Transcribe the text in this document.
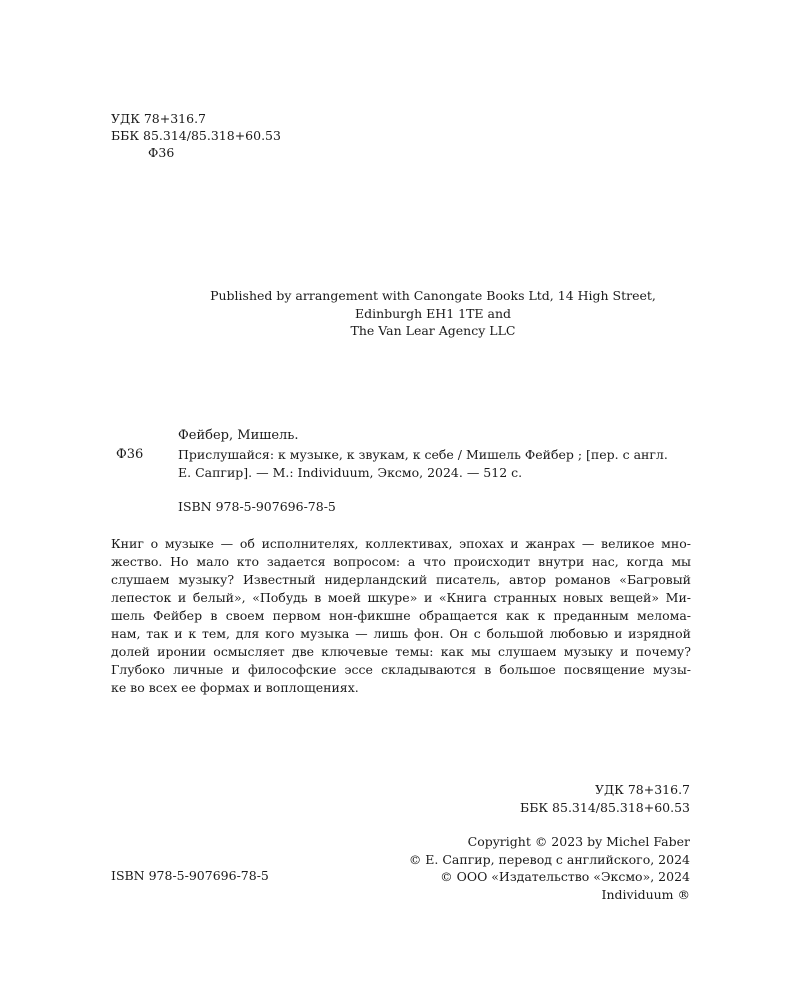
УДК 78+316.7
ББК 85.314/85.318+60.53
Ф36
Published by arrangement with Canongate Books Ltd, 14 High Street,
Edinburgh EH1 1TE and
The Van Lear Agency LLC
Фейбер, Мишель.
Ф36	Прислушайся: к музыке, к звукам, к себе / Мишель Фейбер ; [пер. с англ.
Е. Сапгир]. — М.: Individuum, Эксмо, 2024. — 512 с.
ISBN 978-5-907696-78-5
Книг о музыке — об исполнителях, коллективах, эпохах и жанрах — великое мно-
жество. Но мало кто задается вопросом: а что происходит внутри нас, когда мы
слушаем музыку? Известный нидерландский писатель, автор романов «Багровый
лепесток и белый», «Побудь в моей шкуре» и «Книга странных новых вещей» Ми-
шель Фейбер в своем первом нон-фикшне обращается как к преданным меломa-
нам, так и к тем, для кого музыка — лишь фон. Он с большой любовью и изрядной
долей иронии осмысляет две ключевые темы: как мы слушаем музыку и почему?
Глубоко личные и философские эссе складываются в большое посвящение музы-
ке во всех ее формах и воплощениях.
УДК 78+316.7
ББК 85.314/85.318+60.53
ISBN 978-5-907696-78-5
Copyright © 2023 by Michel Faber
© Е. Сапгир, перевод с английского, 2024
© ООО «Издательство «Эксмо», 2024
Individuum ®
